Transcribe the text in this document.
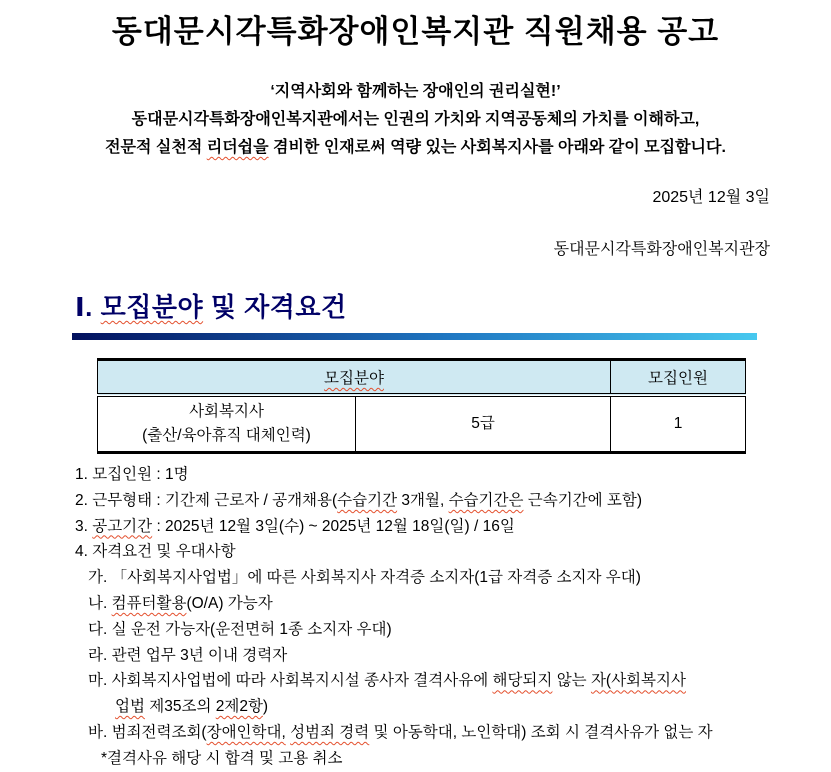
동대문시각특화장애인복지관 직원채용 공고
‘지역사회와 함께하는 장애인의 권리실현!’
동대문시각특화장애인복지관에서는 인권의 가치와 지역공동체의 가치를 이해하고,
전문적 실천적 리더쉽을 겸비한 인재로써 역량 있는 사회복지사를 아래와 같이 모집합니다.
2025년 12월 3일
동대문시각특화장애인복지관장
Ⅰ. 모집분야 및 자격요건
모집분야		모집인원

사회복지사
(출산/육아휴직 대체인력)	5급	1
1. 모집인원 : 1명
2. 근무형태 : 기간제 근로자 / 공개채용(수습기간 3개월, 수습기간은 근속기간에 포함)
3. 공고기간 : 2025년 12월 3일(수) ~ 2025년 12월 18일(일) / 16일
4. 자격요건 및 우대사항
가. 「사회복지사업법」에 따른 사회복지사 자격증 소지자(1급 자격증 소지자 우대)
나. 컴퓨터활용(O/A) 가능자
다. 실 운전 가능자(운전면허 1종 소지자 우대)
라. 관련 업무 3년 이내 경력자
마. 사회복지사업법에 따라 사회복지시설 종사자 결격사유에 해당되지 않는 자(사회복지사
업법 제35조의 2제2항)
바. 범죄전력조회(장애인학대, 성범죄 경력 및 아동학대, 노인학대) 조회 시 결격사유가 없는 자
*결격사유 해당 시 합격 및 고용 취소
